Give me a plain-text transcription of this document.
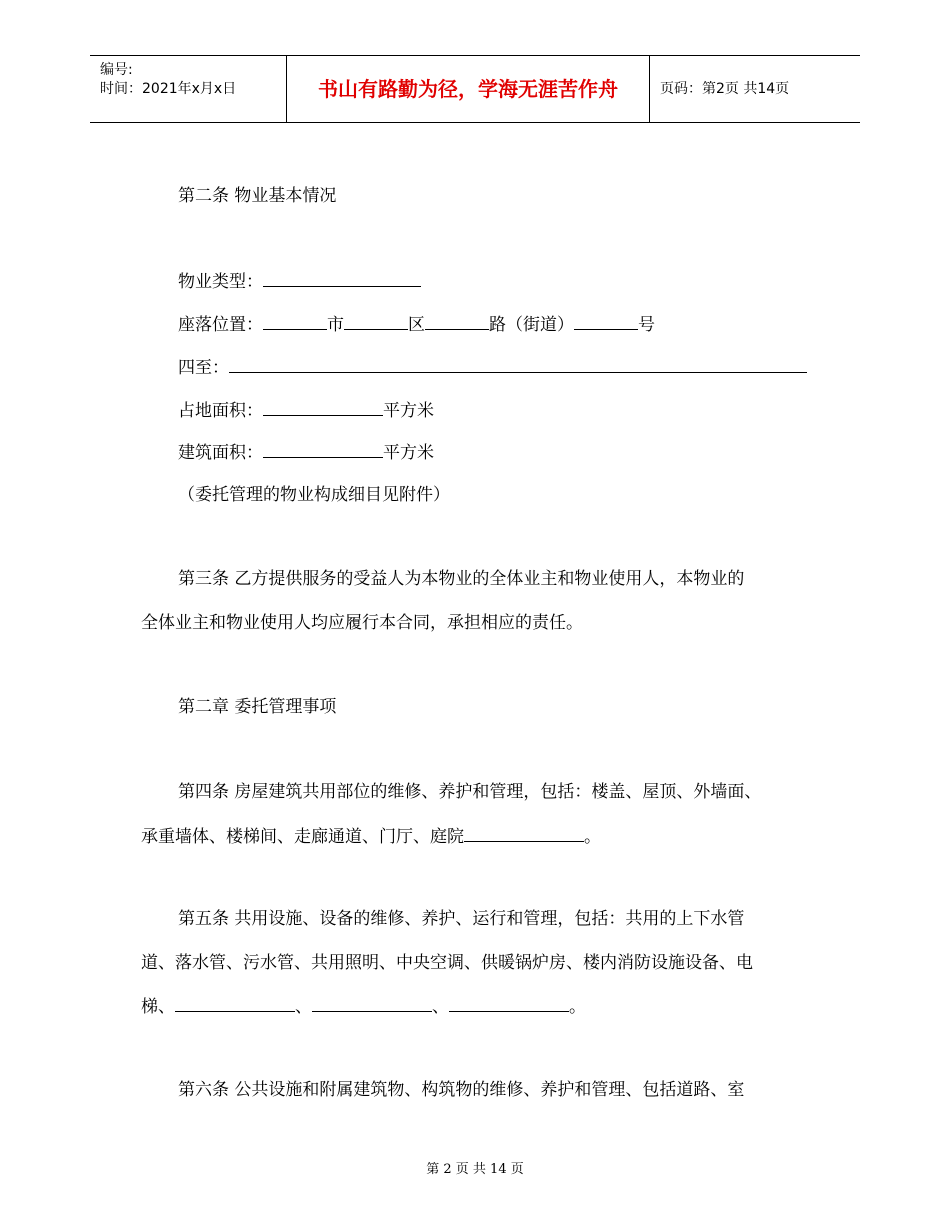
编号:
时间：2021年x月x日	书山有路勤为径，学海无涯苦作舟	页码：第2页 共14页
第二条 物业基本情况
物业类型：
座落位置：	市	区	路（街道）	号
四至：
占地面积：	平方米
建筑面积：	平方米
（委托管理的物业构成细目见附件）
第三条 乙方提供服务的受益人为本物业的全体业主和物业使用人，本物业的
全体业主和物业使用人均应履行本合同，承担相应的责任。
第二章 委托管理事项
第四条 房屋建筑共用部位的维修、养护和管理，包括：楼盖、屋顶、外墙面、
承重墙体、楼梯间、走廊通道、门厅、庭院	。
第五条 共用设施、设备的维修、养护、运行和管理，包括：共用的上下水管
道、落水管、污水管、共用照明、中央空调、供暖锅炉房、楼内消防设施设备、电
梯、	、	、	。
第六条 公共设施和附属建筑物、构筑物的维修、养护和管理、包括道路、室
第 2 页 共 14 页
